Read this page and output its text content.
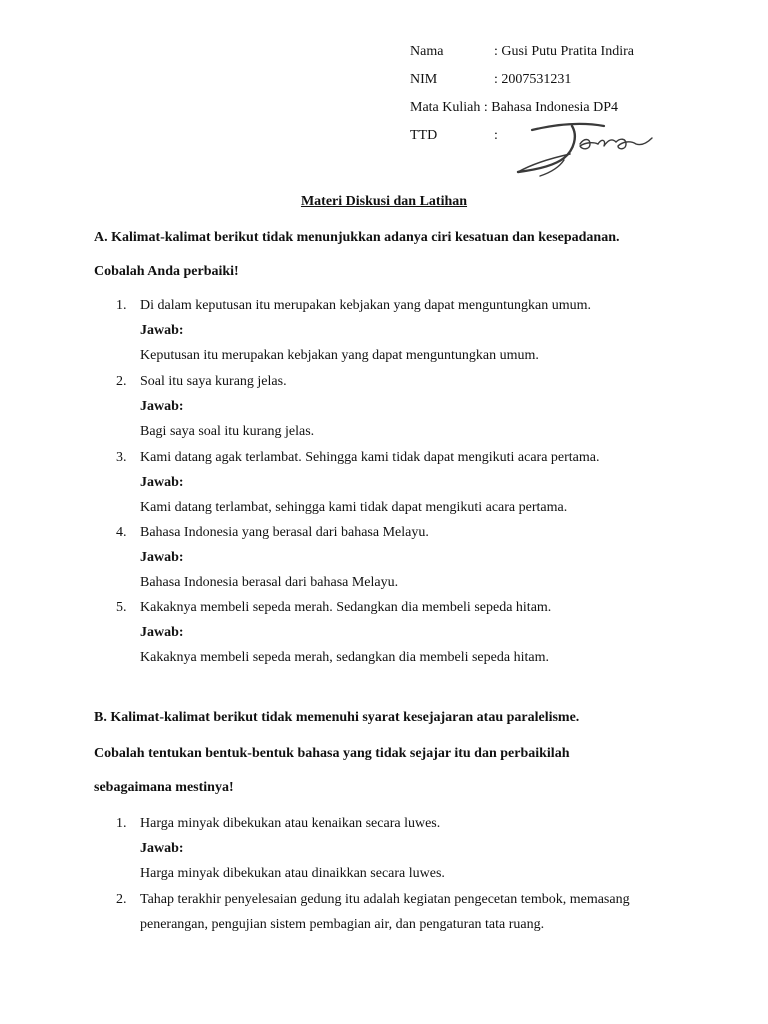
Nama	: Gusi Putu Pratita Indira
NIM	: 2007531231
Mata Kuliah : Bahasa Indonesia DP4
TTD	:
Materi Diskusi dan Latihan
A. Kalimat-kalimat berikut tidak menunjukkan adanya ciri kesatuan dan kesepadanan.
Cobalah Anda perbaiki!
1. Di dalam keputusan itu merupakan kebjakan yang dapat menguntungkan umum.
Jawab:
Keputusan itu merupakan kebjakan yang dapat menguntungkan umum.
2. Soal itu saya kurang jelas.
Jawab:
Bagi saya soal itu kurang jelas.
3. Kami datang agak terlambat. Sehingga kami tidak dapat mengikuti acara pertama.
Jawab:
Kami datang terlambat, sehingga kami tidak dapat mengikuti acara pertama.
4. Bahasa Indonesia yang berasal dari bahasa Melayu.
Jawab:
Bahasa Indonesia berasal dari bahasa Melayu.
5. Kakaknya membeli sepeda merah. Sedangkan dia membeli sepeda hitam.
Jawab:
Kakaknya membeli sepeda merah, sedangkan dia membeli sepeda hitam.
B. Kalimat-kalimat berikut tidak memenuhi syarat kesejajaran atau paralelisme.
Cobalah tentukan bentuk-bentuk bahasa yang tidak sejajar itu dan perbaikilah
sebagaimana mestinya!
1. Harga minyak dibekukan atau kenaikan secara luwes.
Jawab:
Harga minyak dibekukan atau dinaikkan secara luwes.
2. Tahap terakhir penyelesaian gedung itu adalah kegiatan pengecetan tembok, memasang
penerangan, pengujian sistem pembagian air, dan pengaturan tata ruang.
